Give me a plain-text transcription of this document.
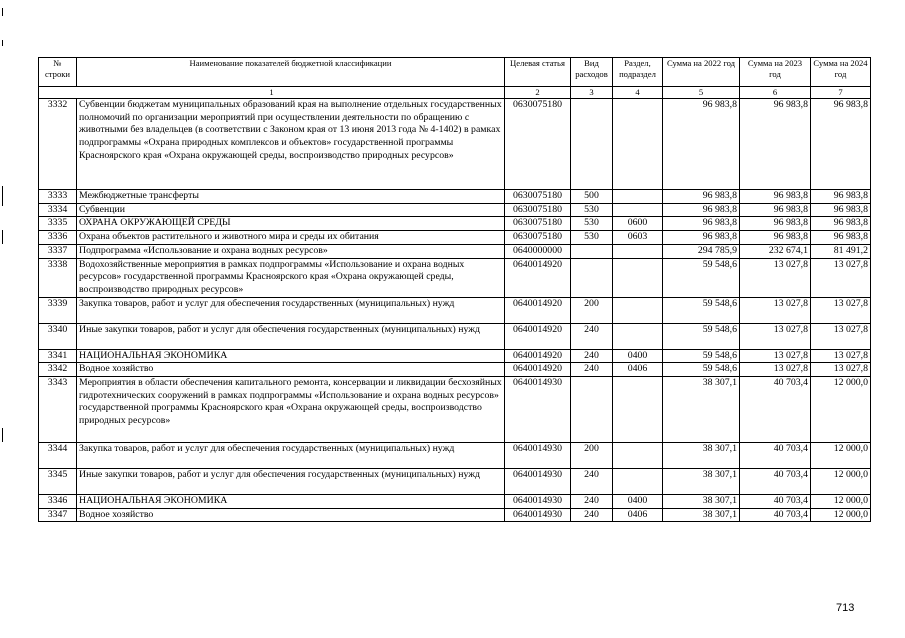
№ строки	Наименование показателей бюджетной классификации	Целевая статья	Вид расходов	Раздел, подраздел	Сумма на 2022 год	Сумма на 2023 год	Сумма на 2024 год
1		2	3	4	5	6	7
3332	Субвенции бюджетам муниципальных образований края на выполнение отдельных государственных полномочий по организации мероприятий при осуществлении деятельности по обращению с животными без владельцев (в соответствии с Законом края от 13 июня 2013 года № 4-1402) в рамках подпрограммы «Охрана природных комплексов и объектов» государственной программы Красноярского края «Охрана окружающей среды, воспроизводство природных ресурсов»	0630075180			96 983,8	96 983,8	96 983,8
3333	Межбюджетные трансферты	0630075180	500		96 983,8	96 983,8	96 983,8
3334	Субвенции	0630075180	530		96 983,8	96 983,8	96 983,8
3335	ОХРАНА ОКРУЖАЮЩЕЙ СРЕДЫ	0630075180	530	0600	96 983,8	96 983,8	96 983,8
3336	Охрана объектов растительного и животного мира и среды их обитания	0630075180	530	0603	96 983,8	96 983,8	96 983,8
3337	Подпрограмма «Использование и охрана водных ресурсов»	0640000000			294 785,9	232 674,1	81 491,2
3338	Водохозяйственные мероприятия в рамках подпрограммы «Использование и охрана водных ресурсов» государственной программы Красноярского края «Охрана окружающей среды, воспроизводство природных ресурсов»	0640014920			59 548,6	13 027,8	13 027,8
3339	Закупка товаров, работ и услуг для обеспечения государственных (муниципальных) нужд	0640014920	200		59 548,6	13 027,8	13 027,8
3340	Иные закупки товаров, работ и услуг для обеспечения государственных (муниципальных) нужд	0640014920	240		59 548,6	13 027,8	13 027,8
3341	НАЦИОНАЛЬНАЯ ЭКОНОМИКА	0640014920	240	0400	59 548,6	13 027,8	13 027,8
3342	Водное хозяйство	0640014920	240	0406	59 548,6	13 027,8	13 027,8
3343	Мероприятия в области обеспечения капитального ремонта, консервации и ликвидации бесхозяйных гидротехнических сооружений в рамках подпрограммы «Использование и охрана водных ресурсов» государственной программы Красноярского края «Охрана окружающей среды, воспроизводство природных ресурсов»	0640014930			38 307,1	40 703,4	12 000,0
3344	Закупка товаров, работ и услуг для обеспечения государственных (муниципальных) нужд	0640014930	200		38 307,1	40 703,4	12 000,0
3345	Иные закупки товаров, работ и услуг для обеспечения государственных (муниципальных) нужд	0640014930	240		38 307,1	40 703,4	12 000,0
3346	НАЦИОНАЛЬНАЯ ЭКОНОМИКА	0640014930	240	0400	38 307,1	40 703,4	12 000,0
3347	Водное хозяйство	0640014930	240	0406	38 307,1	40 703,4	12 000,0
713
